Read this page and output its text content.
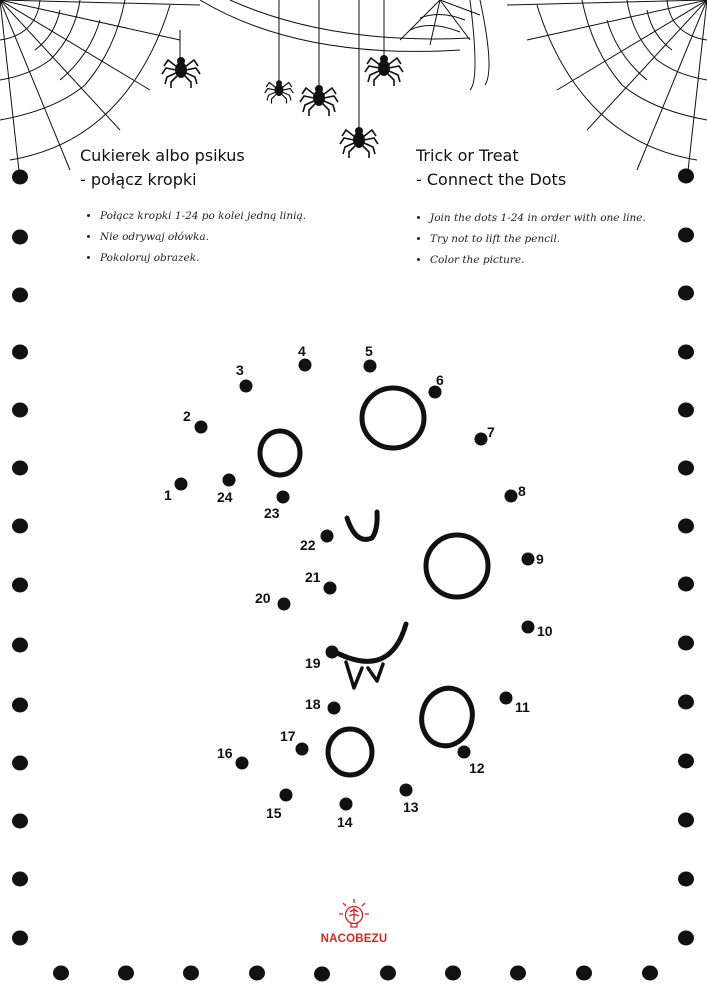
Cukierek albo psikus
- połącz kropki
Trick or Treat
- Connect the Dots
• Połącz kropki 1-24 po kolei jedną linią.
• Nie odrywaj ołówka.
• Pokoloruj obrazek.
• Join the dots 1-24 in order with one line.
• Try not to lift the pencil.
• Color the picture.
1
2
3
4	5
6
7
8
9
10
11
12
13
14
15
16
17
18
19
20
21
22
23
24
NACOBEZU
